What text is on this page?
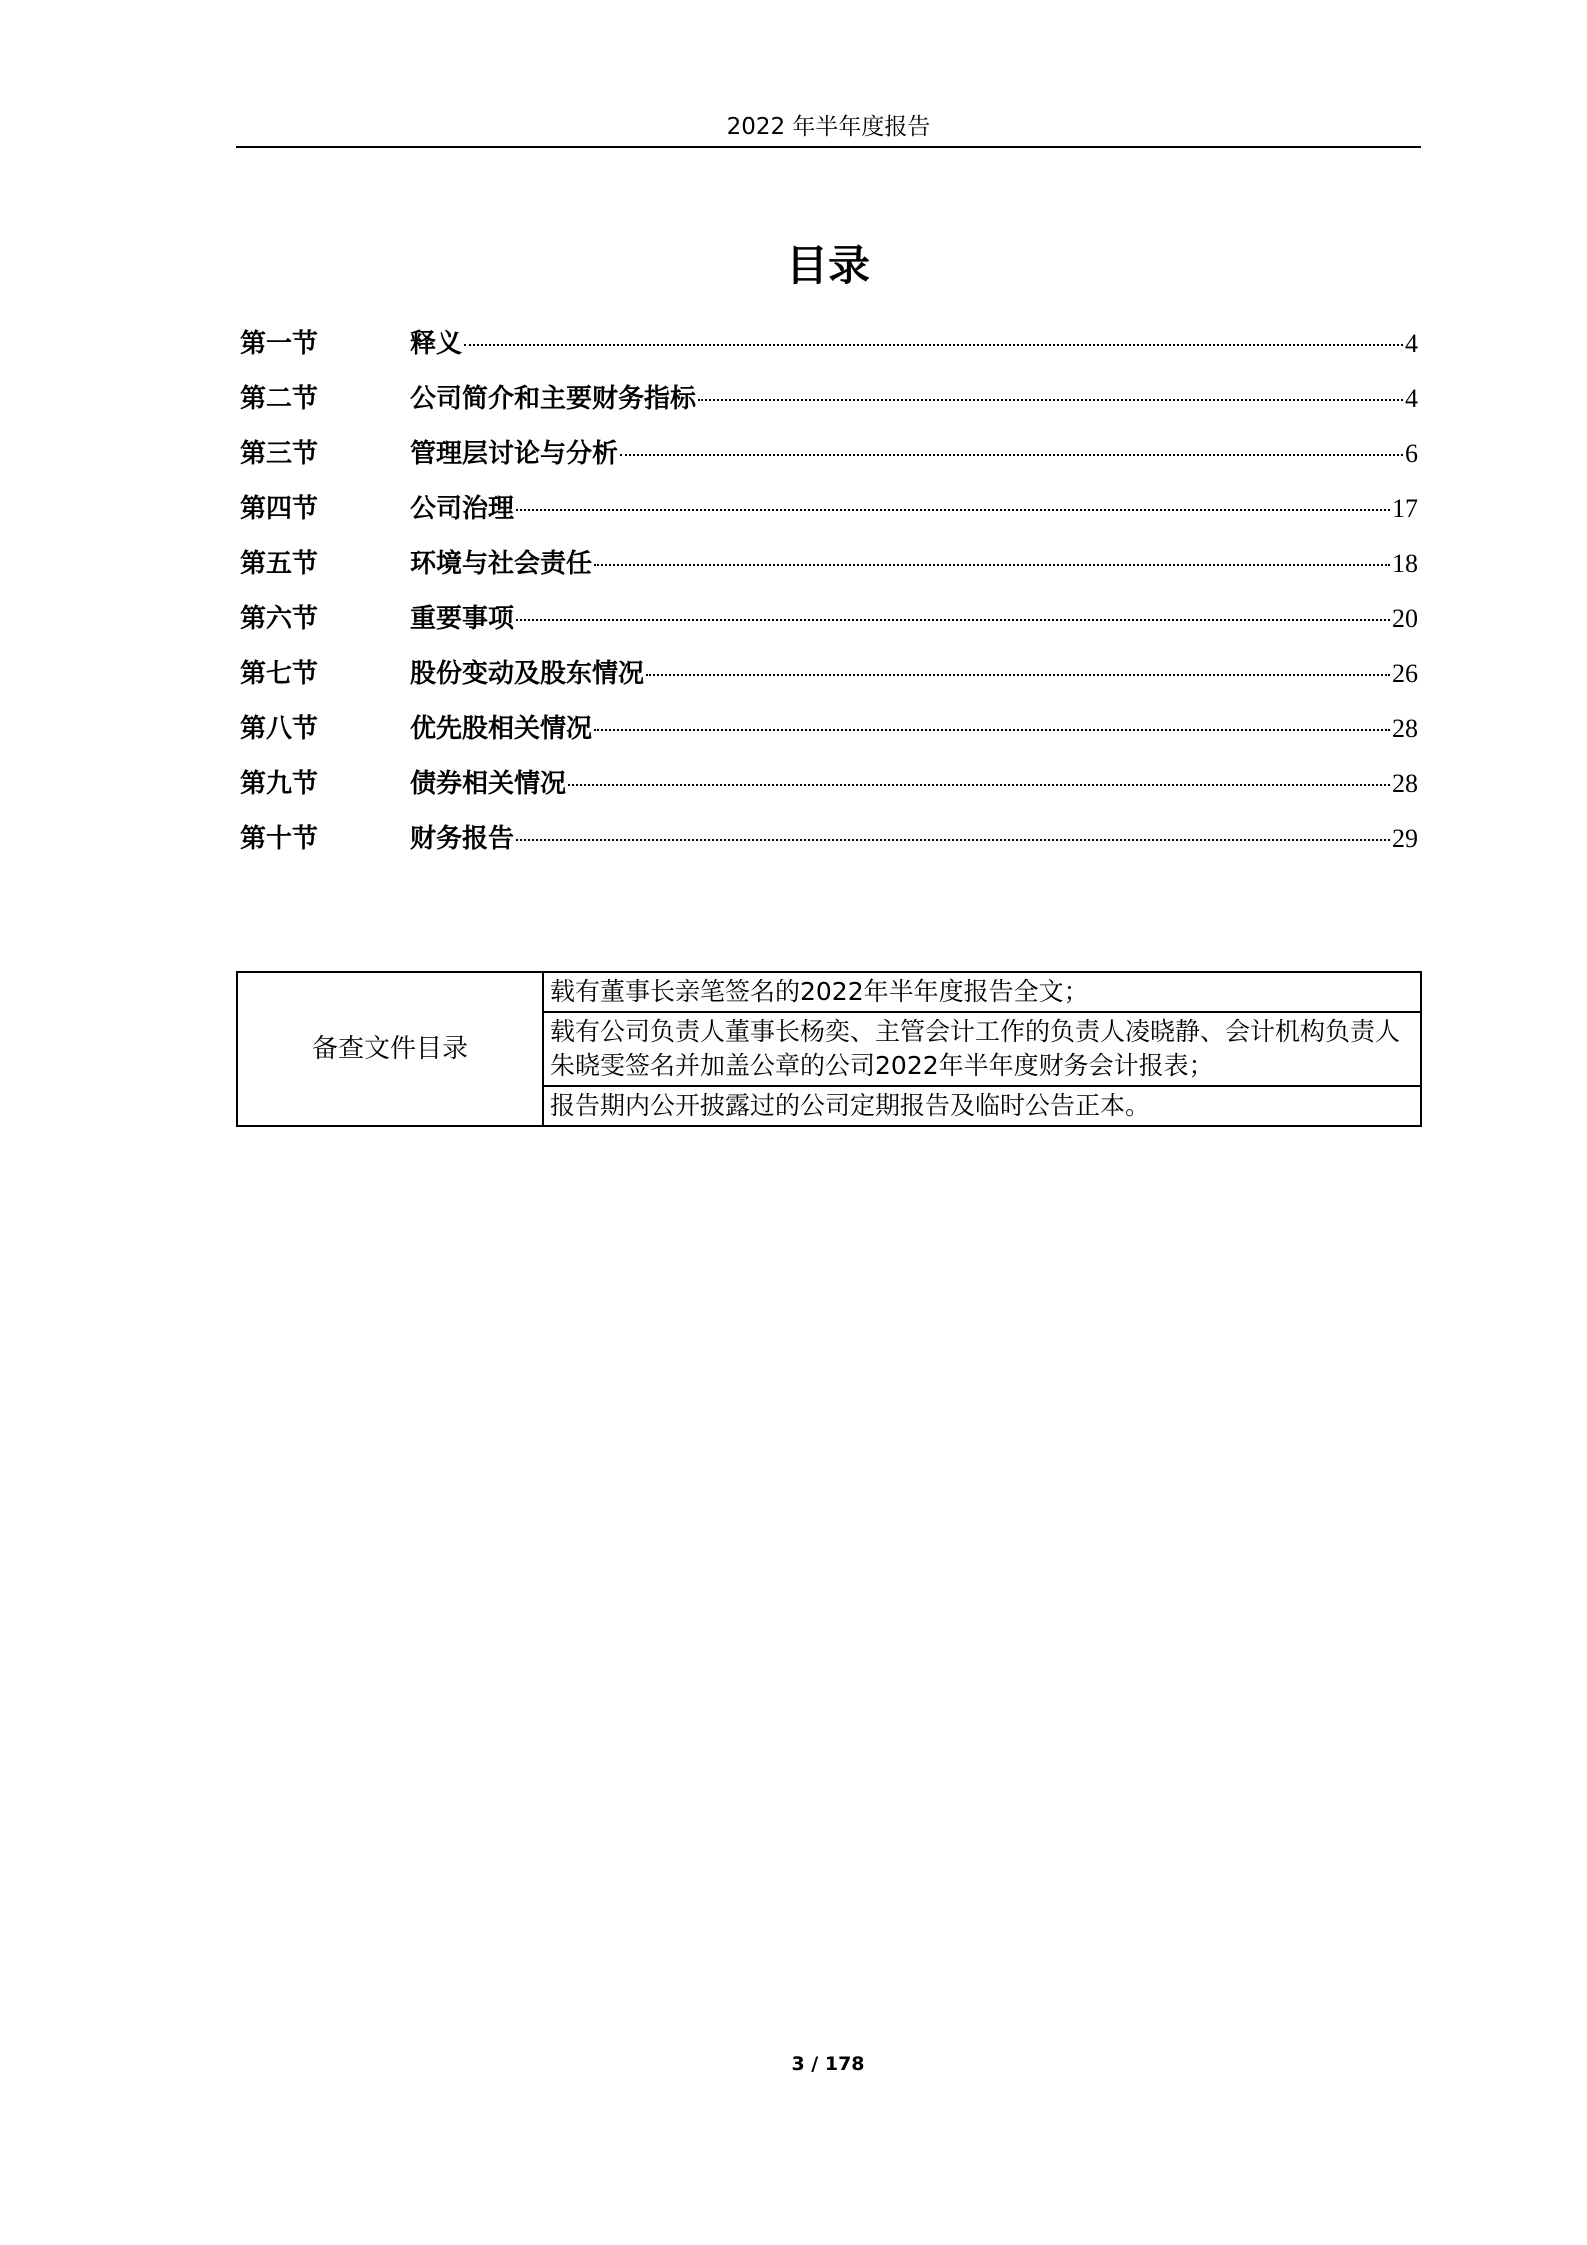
2022 年半年度报告
目录
第一节	释义	4
第二节	公司简介和主要财务指标	4
第三节	管理层讨论与分析	6
第四节	公司治理	17
第五节	环境与社会责任	18
第六节	重要事项	20
第七节	股份变动及股东情况	26
第八节	优先股相关情况	28
第九节	债券相关情况	28
第十节	财务报告	29
备查文件目录	载有董事长亲笔签名的2022年半年度报告全文；
载有公司负责人董事长杨奕、主管会计工作的负责人凌晓静、会计机构负责人朱晓雯签名并加盖公章的公司2022年半年度财务会计报表；
报告期内公开披露过的公司定期报告及临时公告正本。
3 / 178
